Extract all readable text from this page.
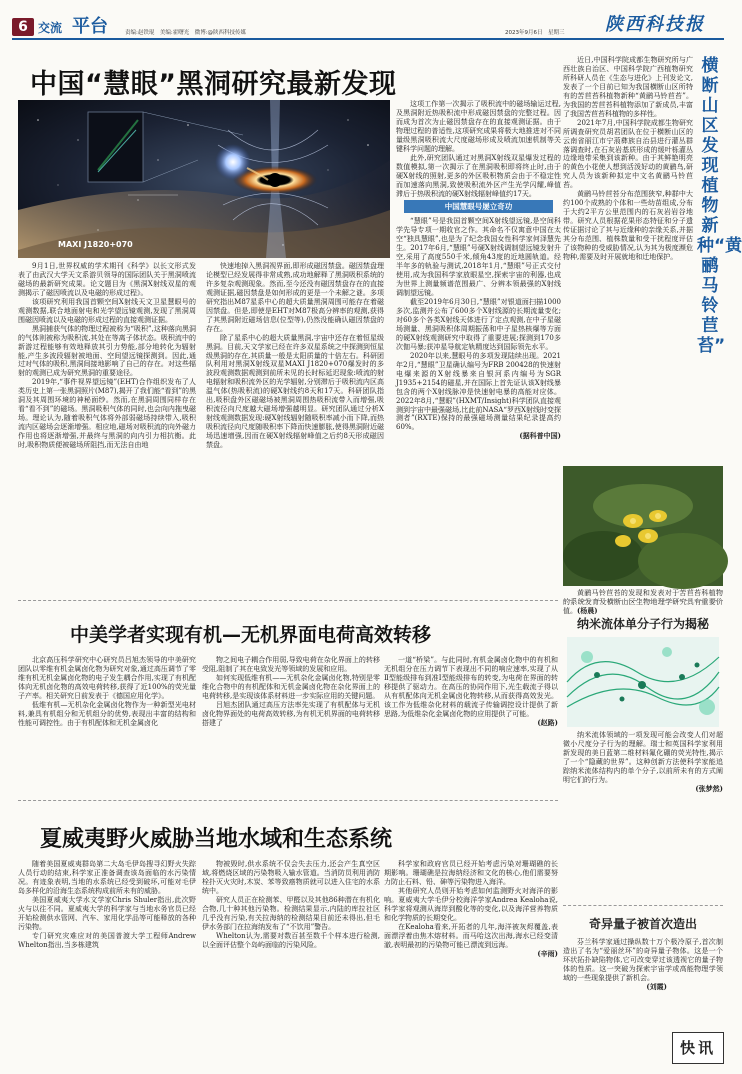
6 交流 平台	责编:赵铁琨　美编:霍曙光　微博:@陕西科技传媒	2023年9月6日　星期三 陕西科技报
中国“慧眼”黑洞研究最新发现
MAXI J1820+070

9月1日,世界权威的学术期刊《科学》以长文形式发表了由武汉大学天文系游贝领导的国际团队关于黑洞喷流磁场的最新研究成果。论文题目为《黑洞X射线双星的观测揭示了磁因喷流以及电磁的形成过程》。

该项研究利用我国首颗空间X射线天文卫星慧眼号的观测数据,联合地面射电和光学望远镜观测,发现了黑洞周围磁因喷流以及电磁的形成过程的直接观测证据。

黑洞捕获气体的物理过程被称为“吸积”,这种落向黑洞的气体则被称为吸积流,其处在等离子体状态。吸积流中的新游过程能够有效地释放其引力势能,部分地转化为辐射能,产生多波段辐射被地面、空间望远镜探测到。因此,通过对气体的吸积,黑洞间接地影响了自己的存在。对这些辐射的观测已成为研究黑洞的重要途径。

2019年,“事件视界望远镜”(EHT)合作组织发布了人类历史上第一张黑洞照片(M87),揭开了我们能“看到”的黑洞及其周围环境的神秘面纱。然而,在黑洞周围同样存在看“看不到”的磁场。黑洞吸积气体的同时,也会向内拖曳磁场。理论认为,随着吸积气体将外部弱磁场持续带入,吸积流内区磁场会逐渐增强。相应地,磁场对吸积流的向外磁力作用也将逐渐增强,并最终与黑洞的向内引力相抗衡。此时,吸积物质便被磁场所阻挡,而无法自由地

快速地掉入黑洞视界面,即形成磁因禁盘。磁因禁盘理论模型已经发展得非常成熟,成功地解释了黑洞吸积系统的许多复杂观测现象。然而,至今还没有磁因禁盘存在的直接观测证据,磁因禁盘是如何形成的更是一个未解之谜。多项研究指出M87星系中心的超大质量黑洞周围可能存在着磁因禁盘。但是,即使是EHT对M87极高分辨率的观测,获得了其黑洞附近磁场信息(位型等),仍然没能确认磁因禁盘的存在。

除了星系中心的超大质量黑洞,宇宙中还存在着恒星级黑洞。目前,天文学家已经在许多双星系统之中探测到恒星级黑洞的存在,其质量一般是太阳质量的十倍左右。科研团队利用对黑洞X射线双星MAXI J1820+070爆发时的多波段观测数据观测到前所未见的长时标延迟现象:喷流的射电辐射和吸积流外区的光学辐射,分别滞后于吸积流内区高温气体(热吸积流)的硬X射线约8天和17天。科研团队指出,吸积盘外区磁磁场被黑洞周围热吸积流带入而增强,吸积流径向尺度越大磁场增强越明显。研究团队通过分析X射线观测数据发现:硬X射线辐射随吸积率减小而下降,而热吸积流径向尺度随吸积率下降而快速膨胀,使得黑洞附近磁场迅速增强,因而在硬X射线辐射峰值之后约8天形成磁因禁盘。

这项工作第一次揭示了吸积流中的磁场输运过程,及黑洞附近热吸积流中形成磁因禁盘的完整过程。因而成为首次为止磁因禁盘存在的直接观测证据。由于物理过程的普适性,这项研究成果将极大地推进对不同量级黑洞吸积流大尺度磁场形成及喷流加速机制等关键科学问题的理解。

此外,研究团队通过对黑洞X射线双星爆发过程的数值模拟,第一次揭示了在黑洞吸积即将终止时,由于硬X射线的照射,更多的外区吸积物质会由于不稳定性而加速落向黑洞,致使吸积流外区产生光学闪耀,峰值滞后于热吸积流的硬X射线辐射峰值约17天。

中国慧眼号屡立奇功

“慧眼”号是我国首颗空间X射线望远镜,是空间科学先导专项一期收官之作。其命名不仅寓意中国在太空“独具慧眼”,也是为了纪念我国女性科学家何泽慧先生。2017年6月,“慧眼”号硬X射线调制望远镜发射升空,采用了高度550千米,倾角43度的近地圆轨道。经半年多的轨验与测试,2018年1月,“慧眼”号正式交付使用,成为我国科学家放眼星空,探索宇宙的利器,也成为世界上测量频谱范围最广、分辨本领最强的X射线调制望远镜。

截至2019年6月30日,“慧眼”对银道面扫描1000多次,监测并公布了600多个X射线源的长期流量变化;对60多个各类X射线天体进行了定点观测,在中子星磁场测量、黑洞吸积体周期振荡和中子星热核爆等方面的硬X射线观测研究中取得了重要进展;探测到170多次伽马暴;获冲星导航定轨精度达到国际领先水平。

2020年以来,慧眼号的多项发现陆续出现。2021年2月,“慧眼”卫星确认编号为FRB 200428的快速射电爆来源的X射线暴来自银河系内编号为SGR J1935+2154的磁星,并在国际上首先证认该X射线暴包含的两个X射线脉冲是快速射电暴的高能对应体。2022年8月,“慧眼”(HXMT/Insight)科学团队直接观测到宇宙中最强磁场,比此前NASA“罗西X射线时变探测者”(RXTE)保持的最强磁场测量结果纪录提高约60%。

(据科普中国)
横断山区发现植物新种“黄鹂马铃苣苔”

近日,中国科学院成都生物研究所与广西壮族自治区、中国科学院广西植物研究所科研人员在《生态与进化》上刊发论文,发表了一个目前已知为我国横断山区所特有的苦苣苔科植物新种“黄鹂马铃苣苔”。为我国的苦苣苔科植物添加了新成员,丰富了我国苦苣苔科植物的多样性。

2021年7月,中国科学院成都生物研究所调查研究员胡君团队在位于横断山区的云南省丽江市宁蒗彝族自治县进行灌丛群落调查时,在石灰岩基质形成的缓叶栎灌丛边缘地带采集到该新种。由于其鲜艳明亮的黄色小花使人想到活泼好动的黄鹂鸟,研究人员为该新种拟定中文名黄鹂马铃苣苔。

黄鹂马铃苣苔分布范围狭窄,种群中大约100个成熟的个体和一些幼苗组成,分布于大约2平方公里范围内的石灰岩岩谷地带。研究人员根据花果形态特征和分子遗传证据讨论了其与近缘种的亲缘关系,并据其分布范围、植株数量和受干扰程度评估了该物种的受威胁情况,认为其为极度濒危物种,需要及时开展就地和迁地保护。

黄鹂马铃苣苔的发现和发表对于苦苣苔科植物的系统发育及横断山区生物地理学研究具有重要价值。(杨晨)

纳米流体单分子行为揭秘

纳米流体领域的一项发现可能会改变人们对超微小尺度分子行为的理解。瑞士和英国科学家利用新发现的美日蓝第二维材料氟化硼的荧光特性,揭示了一个“隐藏的世界”。这种创新方法使科学家能追踪纳米流体结构内的单个分子,以前所未有的方式阐明它们的行为。

(张梦然)
中美学者实现有机—无机界面电荷高效转移

北京高压科学研究中心研究员吕旭杰领导的中美研究团队以零维有机金属卤化物为研究对象,通过高压调节了零维有机无机金属卤化物的电子发生耦合作用,实现了有机配体向无机卤化物的高效电荷转移,获得了近100%的荧光量子产率。相关研究日前发表于《德国应用化学》。

低维有机—无机杂化金属卤化物作为一种新型光电材料,兼具有机组分和无机组分的优势,表现出丰富的结构和性能可调控性。由于有机配体和无机金属卤化

物之间电子耦合作用弱,导致电荷在杂化界面上的转移受阻,阻制了其在电致发光等领域的发展和应用。

如何实现低维有机——无机杂化金属卤化物,特别是零维化合物中的有机配体和无机金属卤化物在杂化界面上的电荷转移,是实现该体系材料进一步实际应用的关键问题。

吕旭杰团队通过高压方法率先实现了有机配体与无机卤化物界面处的电荷高效转移,为有机无机界面的电荷转移搭建了

一道“桥梁”。与此同时,有机金属卤化物中的有机和无机组分在压力调节下表现出不同的响应速率,实现了从Ⅱ型能级排布到准Ⅰ型能级排布的转变,为电荷在界面的转移提供了驱动力。在高压的协同作用下,光生载流子得以从有机配体向无机金属卤化物转移,从而获得高效发光。该工作为低维杂化材料的载流子传输调控设计提供了新思路,为低维杂化金属卤化物的应用提供了可能。

(赵路)
夏威夷野火威胁当地水域和生态系统

随着美国夏威夷群岛第二大岛毛伊岛搜寻幻野火失踪人员行动的结束,科学家正准备调查该岛面临的水污染情况。有迹象表明,当地的水系统已经受到破坏,可能对毛伊岛多样化的沿海生态系统构成前所未有的威胁。

美国夏威夷大学水文学家Chris Shuler指出,此次野火与以往不同。夏威夷大学的科学家与当地水务官员已经开始检测供水管网、汽车、家用化学品等可能释放的各种污染物。

专门研究灾难应对的美国普渡大学工程师Andrew Whelton指出,当多栋建筑

物被毁时,供水系统不仅会失去压力,还会产生真空区域,将燃烧区域的污染物吸入输水管道。当消防员利用消防栓扑灭火灾时,木炭、苯等致癌物质就可以进入住宅的水系统中。

研究人员正在检测苯、甲醛以及其他86种潜在有机化合物,几十种其他污染物。检测结果显示,内陆的库拉社区几乎没有污染,有关拉海纳的检测结果目前还未得出,但毛伊水务部门在拉海纳发布了“不饮用”警告。

Whelton认为,需要对数百甚至数千个样本进行检测,以全面评估整个岛屿面临的污染风险。

科学家和政府官员已经开始考虑污染对珊瑚礁的长期影响。珊瑚礁是拉海纳经济和文化的核心,他们需要努力防止石料、铅、砷等污染物进入海洋。

其他研究人员则开始考虑如何监测野火对海洋的影响。夏威夷大学毛伊分校海洋学家Andrea Kealoha说,科学家将观测从海岸到酸化等的变化,以及海洋营养物质和化学物质的长期变化。

在Kealoha看来,开拓者的几年,海洋被灰烬覆盖,表面漂浮着由焦木熔材料。而马哈这次出海,海水已经变清澈,表明最初的污染物可能已漂流到远海。

(辛雨)
奇异量子被首次造出

芬兰科学家通过操纵数十万个极冷原子,首次制造出了名为“爱丽丝环”的奇异量子物体。这是一个环状拓扑缺陷物体,它可改变穿过该透视它的量子物体的性质。这一突破为探索宇宙学或高能物理学领域的一些现象提供了新机会。

(刘霞)
快讯
